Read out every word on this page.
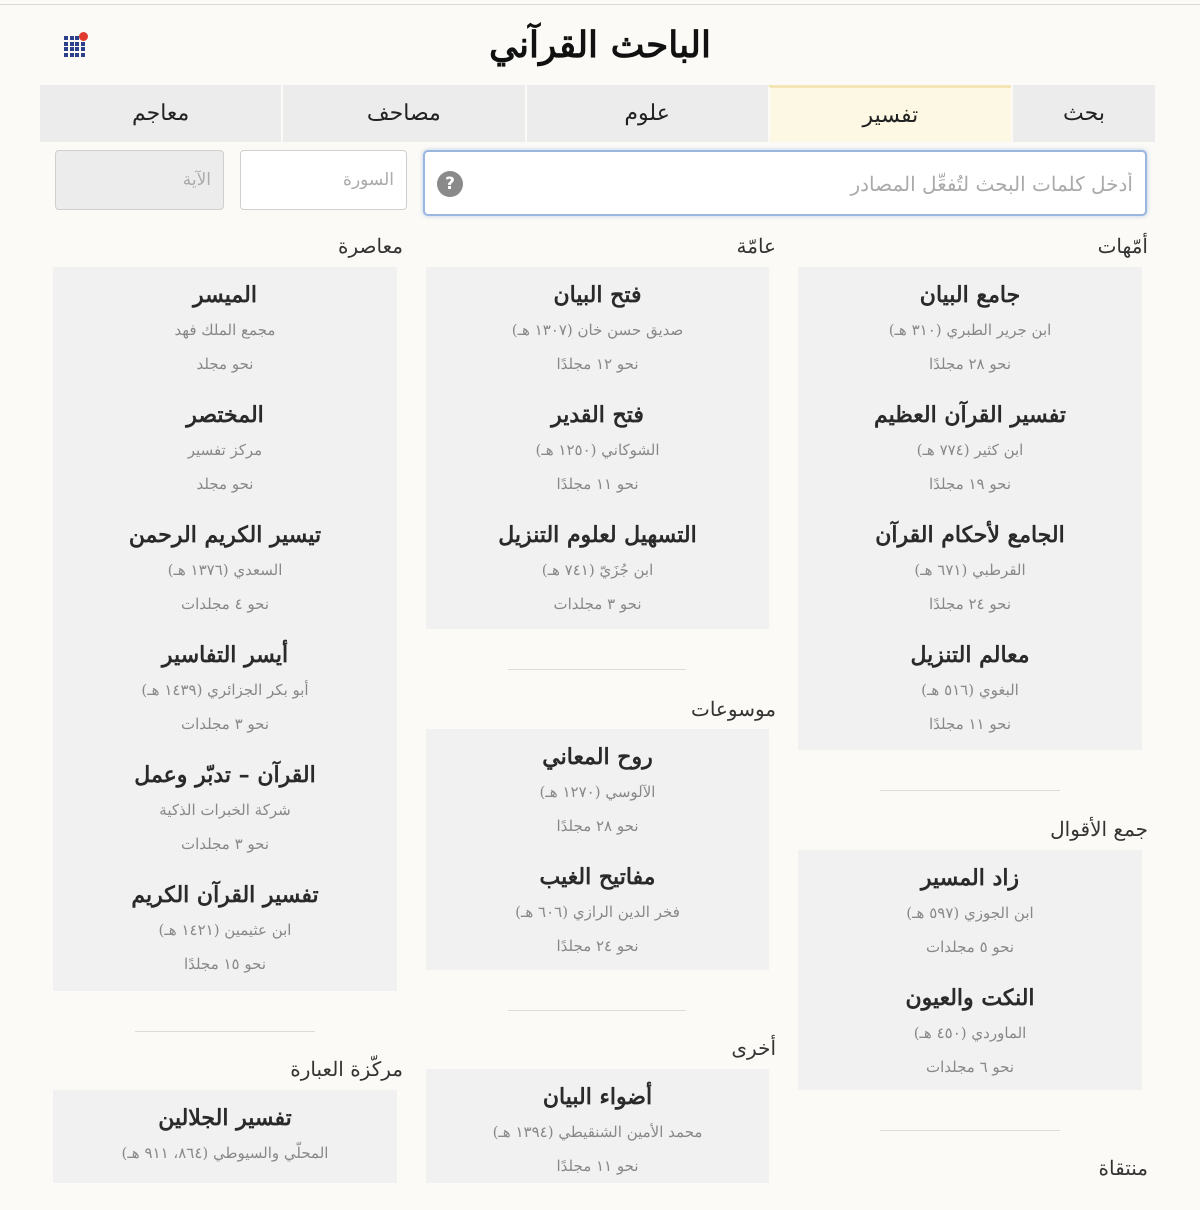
الباحث القرآني
بحث
تفسير
علوم
مصاحف
معاجم
أدخل كلمات البحث لتُفعِّل المصادر
?
السورة
الآية
أمّهات
جامع البيان
ابن جرير الطبري (٣١٠ هـ)
نحو ٢٨ مجلدًا
تفسير القرآن العظيم
ابن كثير (٧٧٤ هـ)
نحو ١٩ مجلدًا
الجامع لأحكام القرآن
القرطبي (٦٧١ هـ)
نحو ٢٤ مجلدًا
معالم التنزيل
البغوي (٥١٦ هـ)
نحو ١١ مجلدًا
جمع الأقوال
زاد المسير
ابن الجوزي (٥٩٧ هـ)
نحو ٥ مجلدات
النكت والعيون
الماوردي (٤٥٠ هـ)
نحو ٦ مجلدات
منتقاة
عامّة
فتح البيان
صديق حسن خان (١٣٠٧ هـ)
نحو ١٢ مجلدًا
فتح القدير
الشوكاني (١٢٥٠ هـ)
نحو ١١ مجلدًا
التسهيل لعلوم التنزيل
ابن جُزَيّ (٧٤١ هـ)
نحو ٣ مجلدات
موسوعات
روح المعاني
الآلوسي (١٢٧٠ هـ)
نحو ٢٨ مجلدًا
مفاتيح الغيب
فخر الدين الرازي (٦٠٦ هـ)
نحو ٢٤ مجلدًا
أخرى
أضواء البيان
محمد الأمين الشنقيطي (١٣٩٤ هـ)
نحو ١١ مجلدًا
معاصرة
الميسر
مجمع الملك فهد
نحو مجلد
المختصر
مركز تفسير
نحو مجلد
تيسير الكريم الرحمن
السعدي (١٣٧٦ هـ)
نحو ٤ مجلدات
أيسر التفاسير
أبو بكر الجزائري (١٤٣٩ هـ)
نحو ٣ مجلدات
القرآن – تدبّر وعمل
شركة الخبرات الذكية
نحو ٣ مجلدات
تفسير القرآن الكريم
ابن عثيمين (١٤٢١ هـ)
نحو ١٥ مجلدًا
مركّزة العبارة
تفسير الجلالين
المحلّي والسيوطي (٨٦٤، ٩١١ هـ)
